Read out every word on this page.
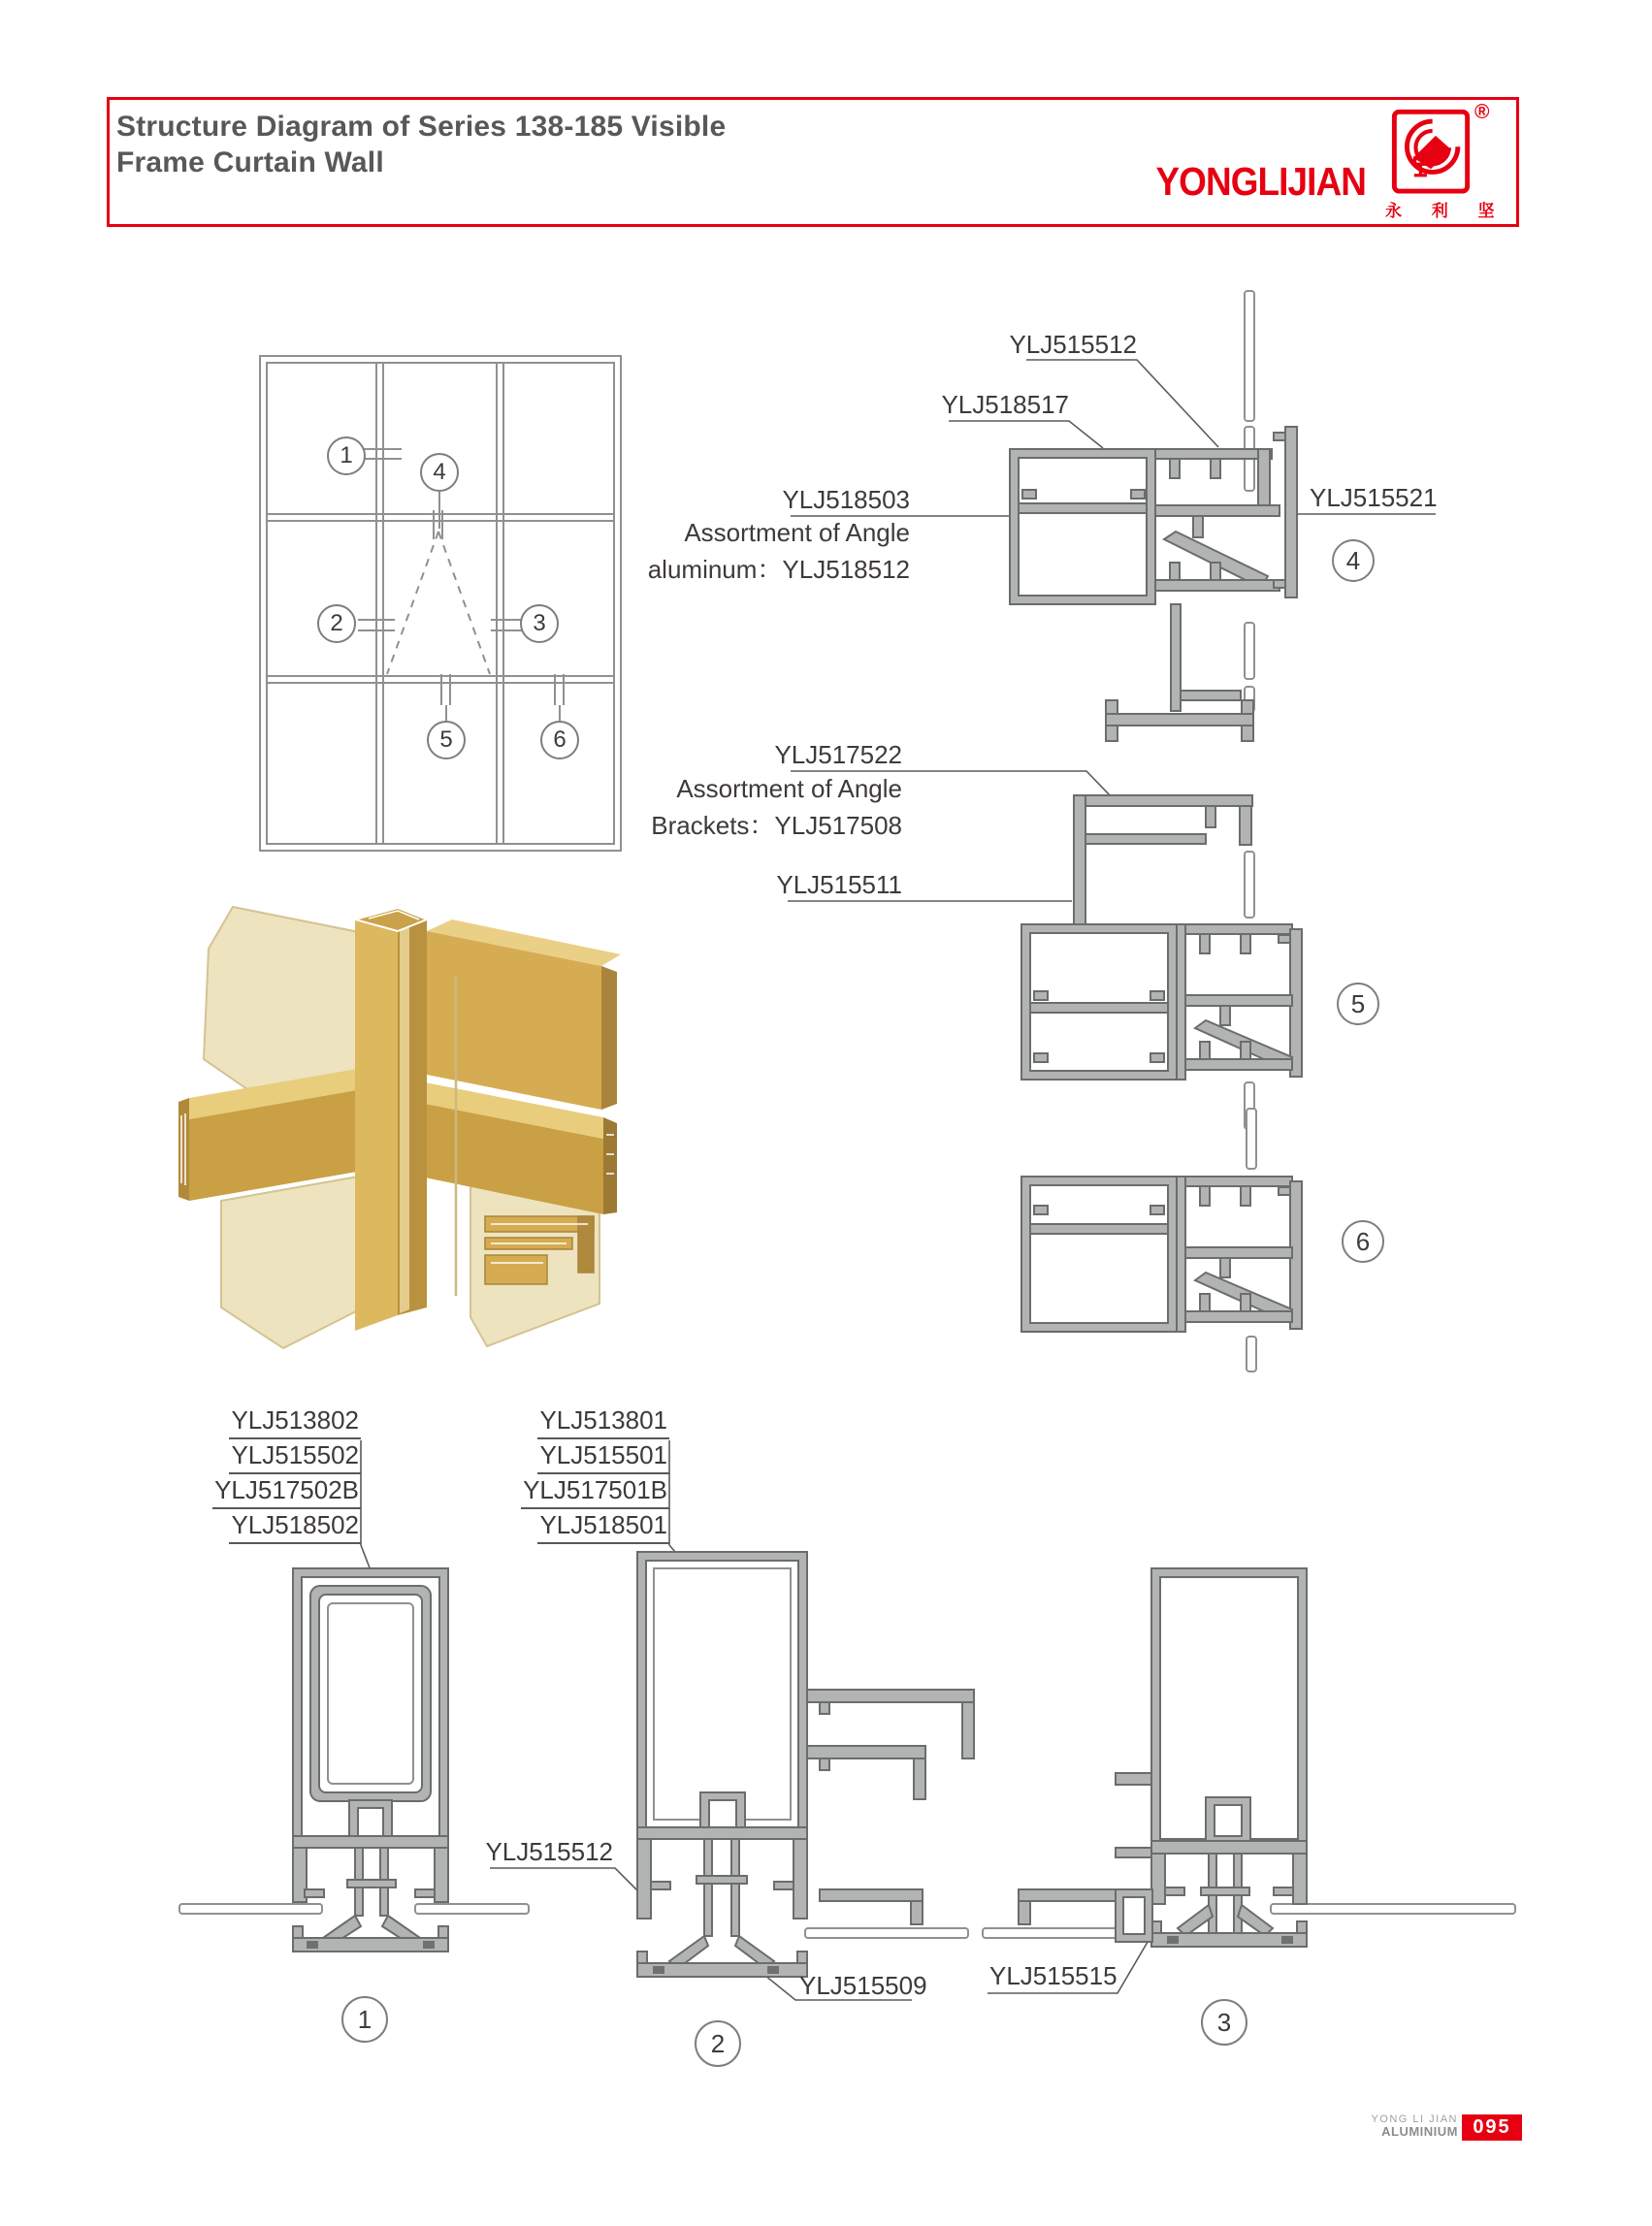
Structure Diagram of Series 138-185 Visible
Frame Curtain Wall	YONGLIJIAN
®
永 利 坚
1
2	3
4
5	6
YLJ515512
YLJ518517
YLJ518503
Assortment of Angle
aluminum：YLJ518512
YLJ515521
4
YLJ517522
Assortment of Angle
Brackets：YLJ517508
YLJ515511
5
6
YLJ513802
YLJ515502
YLJ517502B
YLJ518502
YLJ513801
YLJ515501
YLJ517501B
YLJ518501
YLJ515512
YLJ515509 YLJ515515
1
2
3
YONG LI JIAN
ALUMINIUM 095
